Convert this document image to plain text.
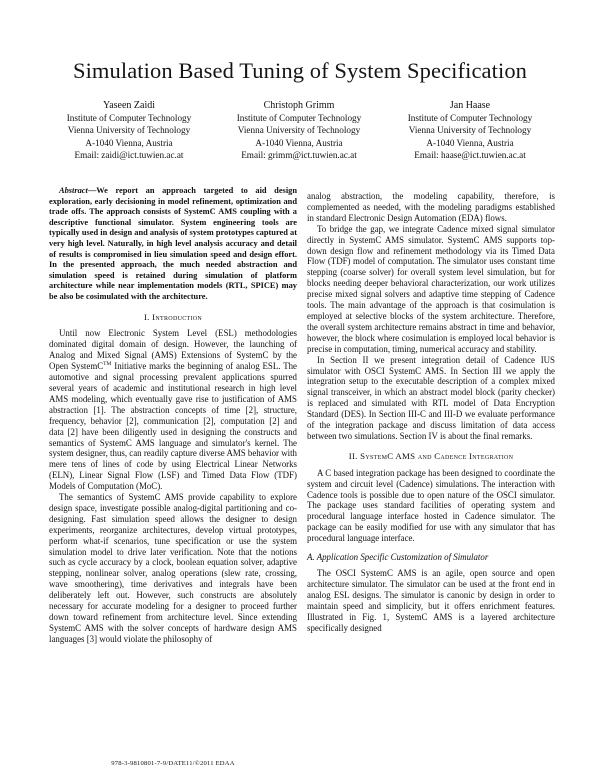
Simulation Based Tuning of System Specification
Yaseen Zaidi
Institute of Computer Technology
Vienna University of Technology
A-1040 Vienna, Austria
Email: zaidi@ict.tuwien.ac.at
Christoph Grimm
Institute of Computer Technology
Vienna University of Technology
A-1040 Vienna, Austria
Email: grimm@ict.tuwien.ac.at
Jan Haase
Institute of Computer Technology
Vienna University of Technology
A-1040 Vienna, Austria
Email: haase@ict.tuwien.ac.at

Abstract—We report an approach targeted to aid design exploration, early decisioning in model refinement, optimization and trade offs. The approach consists of SystemC AMS coupling with a descriptive functional simulator. System engineering tools are typically used in design and analysis of system prototypes captured at very high level. Naturally, in high level analysis accuracy and detail of results is compromised in lieu simulation speed and design effort. In the presented approach, the much needed abstraction and simulation speed is retained during simulation of platform architecture while near implementation models (RTL, SPICE) may be also be cosimulated with the architecture.

I. Introduction

Until now Electronic System Level (ESL) methodologies dominated digital domain of design. However, the launching of Analog and Mixed Signal (AMS) Extensions of SystemC by the Open SystemC™ Initiative marks the beginning of analog ESL. The automotive and signal processing prevalent applications spurred several years of academic and institutional research in high level AMS modeling, which eventually gave rise to justification of AMS abstraction [1]. The abstraction concepts of time [2], structure, frequency, behavior [2], communication [2], computation [2] and data [2] have been diligently used in designing the constructs and semantics of SystemC AMS language and simulator's kernel. The system designer, thus, can readily capture diverse AMS behavior with mere tens of lines of code by using Electrical Linear Networks (ELN), Linear Signal Flow (LSF) and Timed Data Flow (TDF) Models of Computation (MoC).

The semantics of SystemC AMS provide capability to explore design space, investigate possible analog-digital partitioning and co-designing. Fast simulation speed allows the designer to design experiments, reorganize architectures, develop virtual prototypes, perform what-if scenarios, tune specification or use the system simulation model to drive later verification. Note that the notions such as cycle accuracy by a clock, boolean equation solver, adaptive stepping, nonlinear solver, analog operations (slew rate, crossing, wave smoothering), time derivatives and integrals have been deliberately left out. However, such constructs are absolutely necessary for accurate modeling for a designer to proceed further down toward refinement from architecture level. Since extending SystemC AMS with the solver concepts of hardware design AMS languages [3] would violate the philosophy of

analog abstraction, the modeling capability, therefore, is complemented as needed, with the modeling paradigms established in standard Electronic Design Automation (EDA) flows.

To bridge the gap, we integrate Cadence mixed signal simulator directly in SystemC AMS simulator. SystemC AMS supports top-down design flow and refinement methodology via its Timed Data Flow (TDF) model of computation. The simulator uses constant time stepping (coarse solver) for overall system level simulation, but for blocks needing deeper behavioral characterization, our work utilizes precise mixed signal solvers and adaptive time stepping of Cadence tools. The main advantage of the approach is that cosimulation is employed at selective blocks of the system architecture. Therefore, the overall system architecture remains abstract in time and behavior, however, the block where cosimulation is employed local behavior is precise in computation, timing, numerical accuracy and stability.

In Section II we present integration detail of Cadence IUS simulator with OSCI SystemC AMS. In Section III we apply the integration setup to the executable description of a complex mixed signal transceiver, in which an abstract model block (parity checker) is replaced and simulated with RTL model of Data Encryption Standard (DES). In Section III-C and III-D we evaluate performance of the integration package and discuss limitation of data access between two simulations. Section IV is about the final remarks.

II. SystemC AMS and Cadence Integration

A C based integration package has been designed to coordinate the system and circuit level (Cadence) simulations. The interaction with Cadence tools is possible due to open nature of the OSCI simulator. The package uses standard facilities of operating system and procedural language interface hosted in Cadence simulator. The package can be easily modified for use with any simulator that has procedural language interface.

A. Application Specific Customization of Simulator

The OSCI SystemC AMS is an agile, open source and open architecture simulator. The simulator can be used at the front end in analog ESL designs. The simulator is canonic by design in order to maintain speed and simplicity, but it offers enrichment features. Illustrated in Fig. 1, SystemC AMS is a layered architecture specifically designed

978-3-9810801-7-9/DATE11/©2011 EDAA
